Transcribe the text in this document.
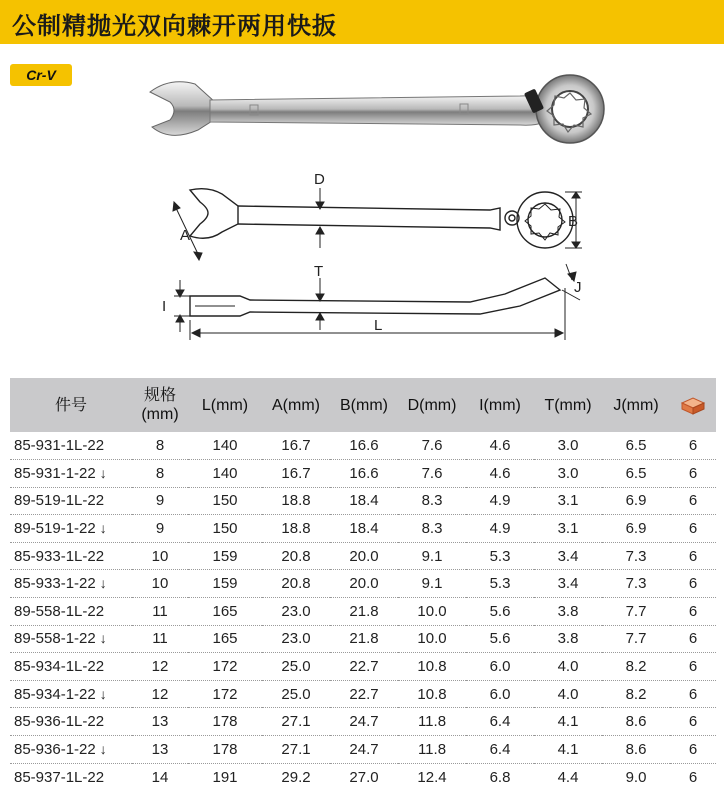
公制精抛光双向棘开两用快扳
Cr-V
D
A
B
T
J
I
L
件号	规格
(mm)	L(mm)	A(mm)	B(mm)	D(mm)	I(mm)	T(mm)	J(mm)	
85-931-1L-22	8	140	16.7	16.6	7.6	4.6	3.0	6.5	6
85-931-1-22 ↓	8	140	16.7	16.6	7.6	4.6	3.0	6.5	6
89-519-1L-22	9	150	18.8	18.4	8.3	4.9	3.1	6.9	6
89-519-1-22 ↓	9	150	18.8	18.4	8.3	4.9	3.1	6.9	6
85-933-1L-22	10	159	20.8	20.0	9.1	5.3	3.4	7.3	6
85-933-1-22 ↓	10	159	20.8	20.0	9.1	5.3	3.4	7.3	6
89-558-1L-22	11	165	23.0	21.8	10.0	5.6	3.8	7.7	6
89-558-1-22 ↓	11	165	23.0	21.8	10.0	5.6	3.8	7.7	6
85-934-1L-22	12	172	25.0	22.7	10.8	6.0	4.0	8.2	6
85-934-1-22 ↓	12	172	25.0	22.7	10.8	6.0	4.0	8.2	6
85-936-1L-22	13	178	27.1	24.7	11.8	6.4	4.1	8.6	6
85-936-1-22 ↓	13	178	27.1	24.7	11.8	6.4	4.1	8.6	6
85-937-1L-22	14	191	29.2	27.0	12.4	6.8	4.4	9.0	6
